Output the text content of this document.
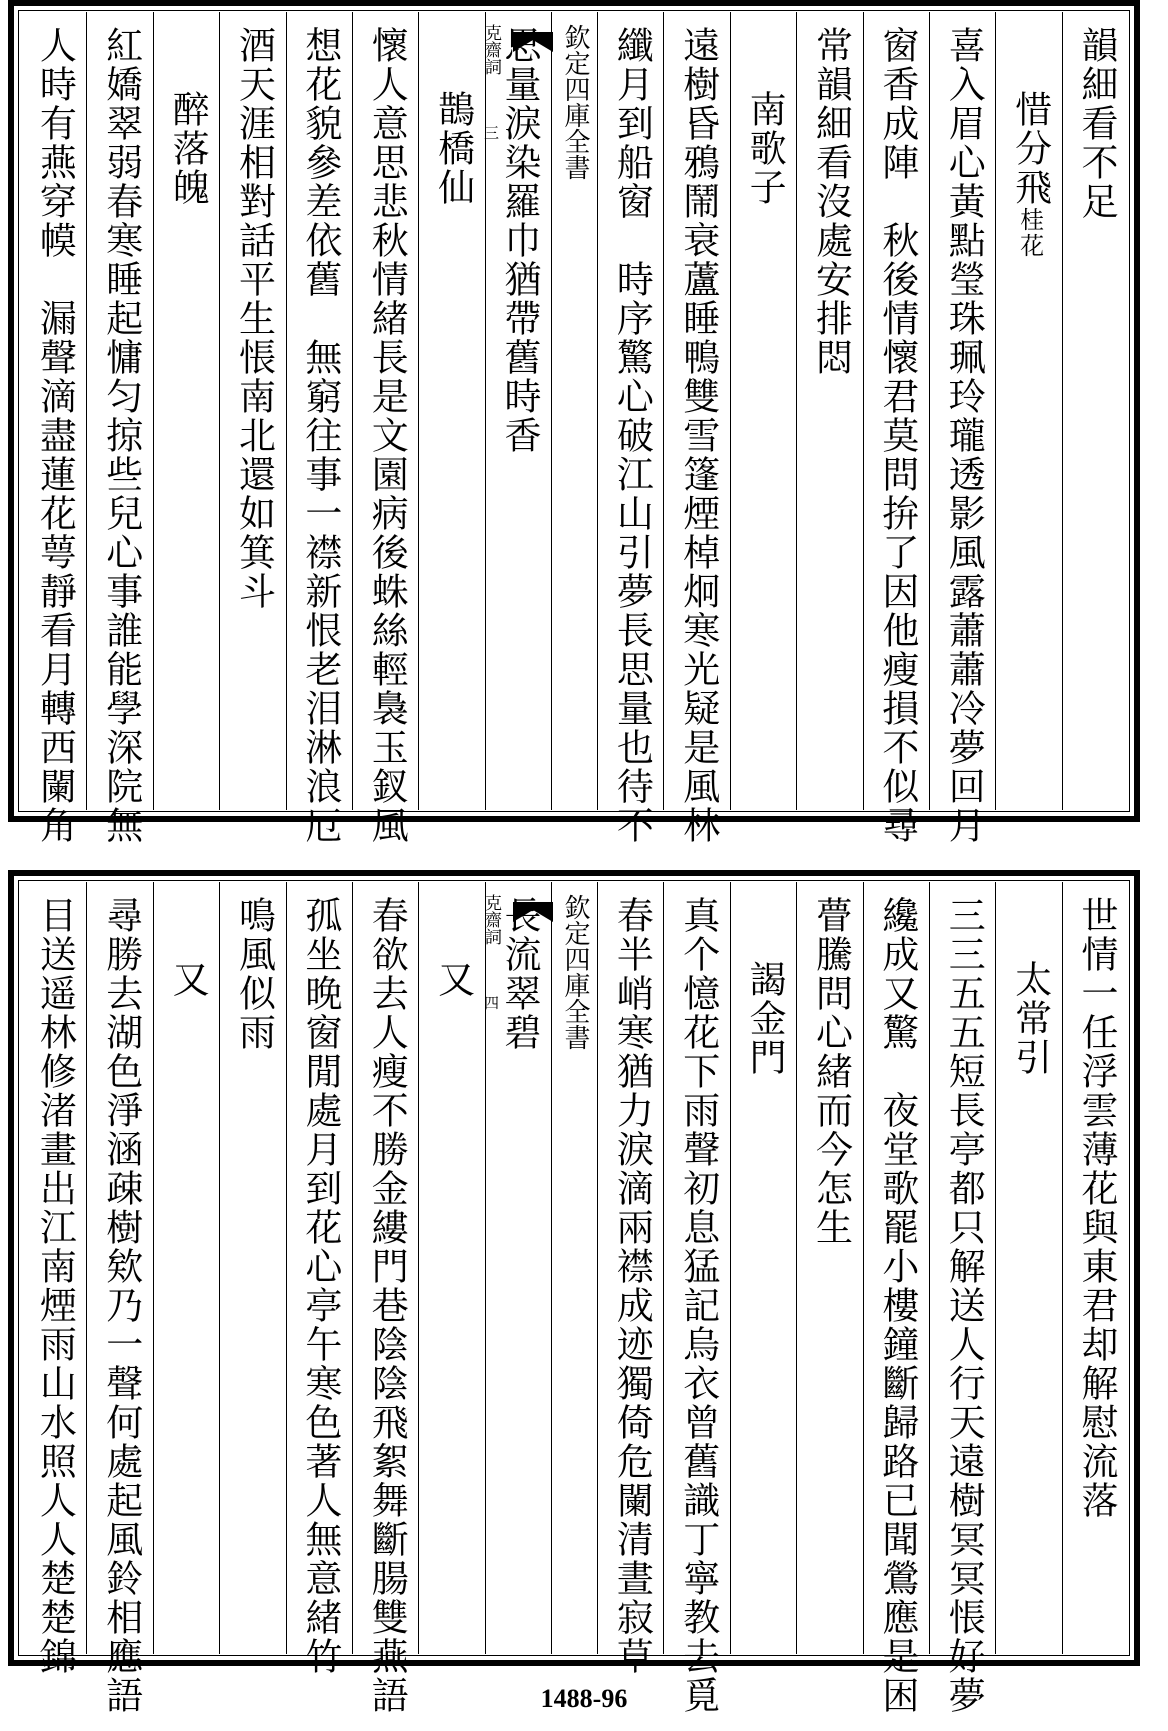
韻細看不足
惜分飛桂花
喜入眉心黃點瑩珠珮玲瓏透影風露蕭蕭冷夢回月
窗香成陣　秋後情懷君莫問拚了因他瘦損不似尋
常韻細看沒處安排悶
南歌子
遠樹昏鴉鬧衰蘆睡鴨雙雪篷煙棹炯寒光疑是風林
纖月到船窗　時序驚心破江山引夢長思量也待不
欽定四庫全書
克齋詞 三
思量淚染羅巾猶帶舊時香
鵲橋仙
懷人意思悲秋情緒長是文園病後蛛絲輕裊玉釵風
想花貌參差依舊　無窮往事一襟新恨老泪淋浪厄
酒天涯相對話平生悵南北還如箕斗
醉落魄
紅嬌翠弱春寒睡起慵匀掠些兒心事誰能學深院無
人時有燕穿幙　漏聲滴盡蓮花萼靜看月轉西闌角
世情一任浮雲薄花與東君却解慰流落
太常引
三三五五短長亭都只解送人行天遠樹冥冥悵好夢
纔成又驚　夜堂歌罷小樓鐘斷歸路已聞鶯應是困
瞢騰問心緒而今怎生
謁金門
真个憶花下雨聲初息猛記烏衣曾舊識丁寧教去覓
春半峭寒猶力淚滴兩襟成迹獨倚危闌清晝寂草
欽定四庫全書
克齋詞 四
長流翠碧
又
春欲去人瘦不勝金縷門巷陰陰飛絮舞斷腸雙燕語
孤坐晚窗閒處月到花心亭午寒色著人無意緒竹
鳴風似雨
又
尋勝去湖色淨涵疎樹欸乃一聲何處起風鈴相應語
目送遥林修渚畫出江南煙雨山水照人人楚楚錦
1488-96
